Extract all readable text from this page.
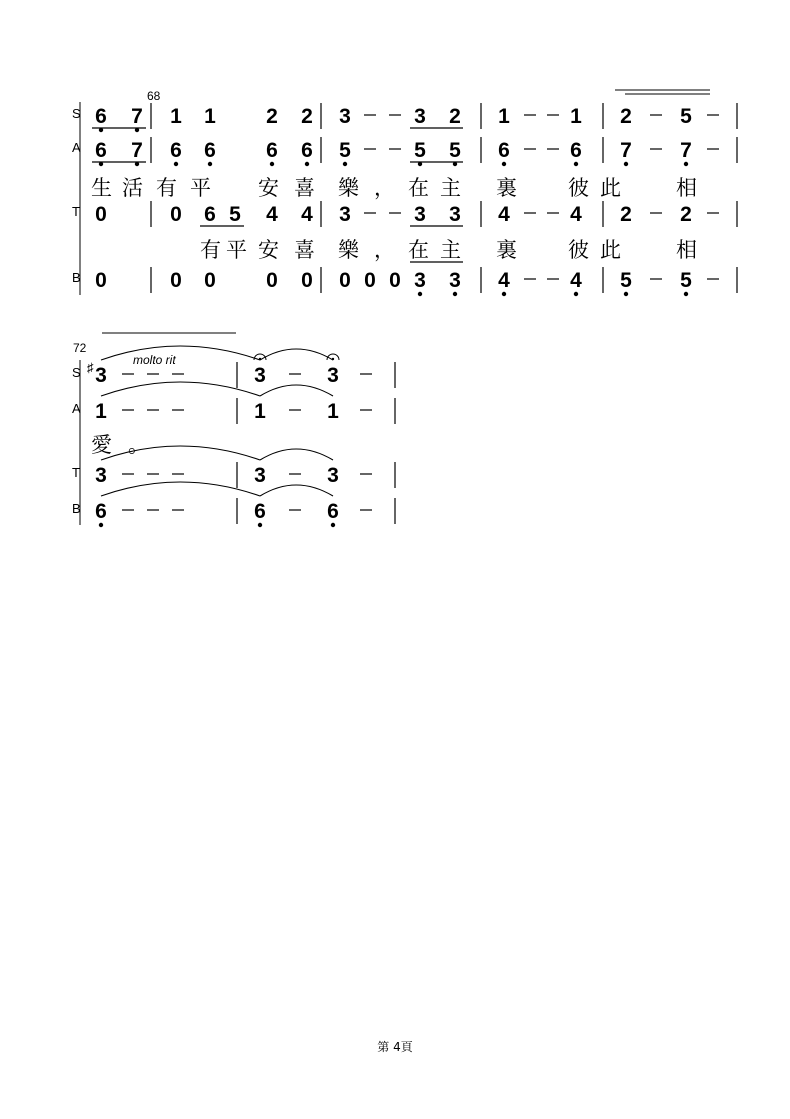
68
S 6 7 1 1 2 2 3	3 2 1	1 2 5
A 6 7 6 6 6 6 5	5 5 6	6 7 7
生 活 有 平 安 喜 樂 ， 在 主 裏 彼 此	相
T 0	0 6 5 4 4 3	3 3 4	4 2 2
有 平 安 喜 樂 ， 在 主 裏 彼 此	相
B 0	0 0 0 0 0 0 0 3 3 4	4 5 5
72
molto rit
S 3	3	3
A 1	1	1
愛 。
T 3	3	3
B 6	6	6
♯
第 4頁
